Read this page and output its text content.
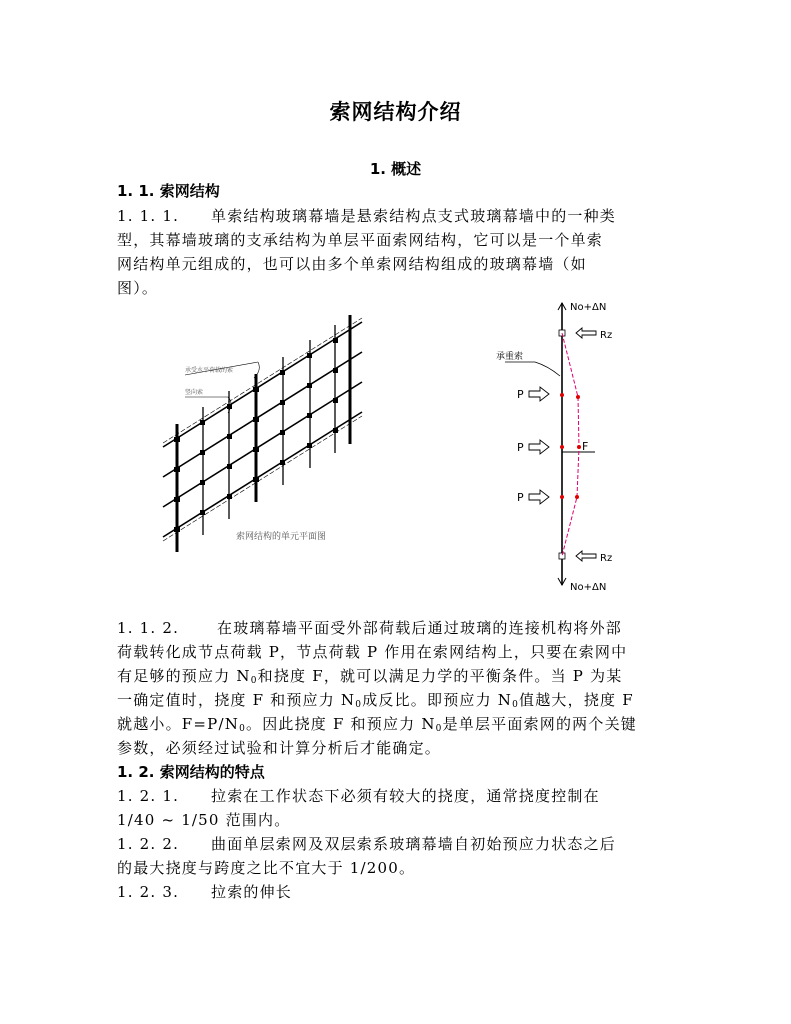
索网结构介绍
1. 概述
1. 1. 索网结构
1. 1. 1. 单索结构玻璃幕墙是悬索结构点支式玻璃幕墙中的一种类
型，其幕墙玻璃的支承结构为单层平面索网结构，它可以是一个单索
网结构单元组成的，也可以由多个单索网结构组成的玻璃幕墙（如
图）。
承受水平荷载的索
竖向索
索网结构的单元平面图
No+ΔN
Rz
承重索
P
P	F
P
Rz
No+ΔN
1. 1. 2.	在玻璃幕墙平面受外部荷载后通过玻璃的连接机构将外部
荷载转化成节点荷载 P，节点荷载 P 作用在索网结构上，只要在索网中
有足够的预应力 $N_0$和挠度 F，就可以满足力学的平衡条件。当 P 为某
一确定值时，挠度 F 和预应力 $N_0$成反比。即预应力 $N_0$值越大，挠度 F
就越小。$F=P/N_0$。因此挠度 F 和预应力 $N_0$是单层平面索网的两个关键
参数，必须经过试验和计算分析后才能确定。
1. 2. 索网结构的特点
1. 2. 1. 拉索在工作状态下必须有较大的挠度，通常挠度控制在
1/40 ~ 1/50 范围内。
1. 2. 2. 曲面单层索网及双层索系玻璃幕墙自初始预应力状态之后
的最大挠度与跨度之比不宜大于 1/200。
1. 2. 3. 拉索的伸长
